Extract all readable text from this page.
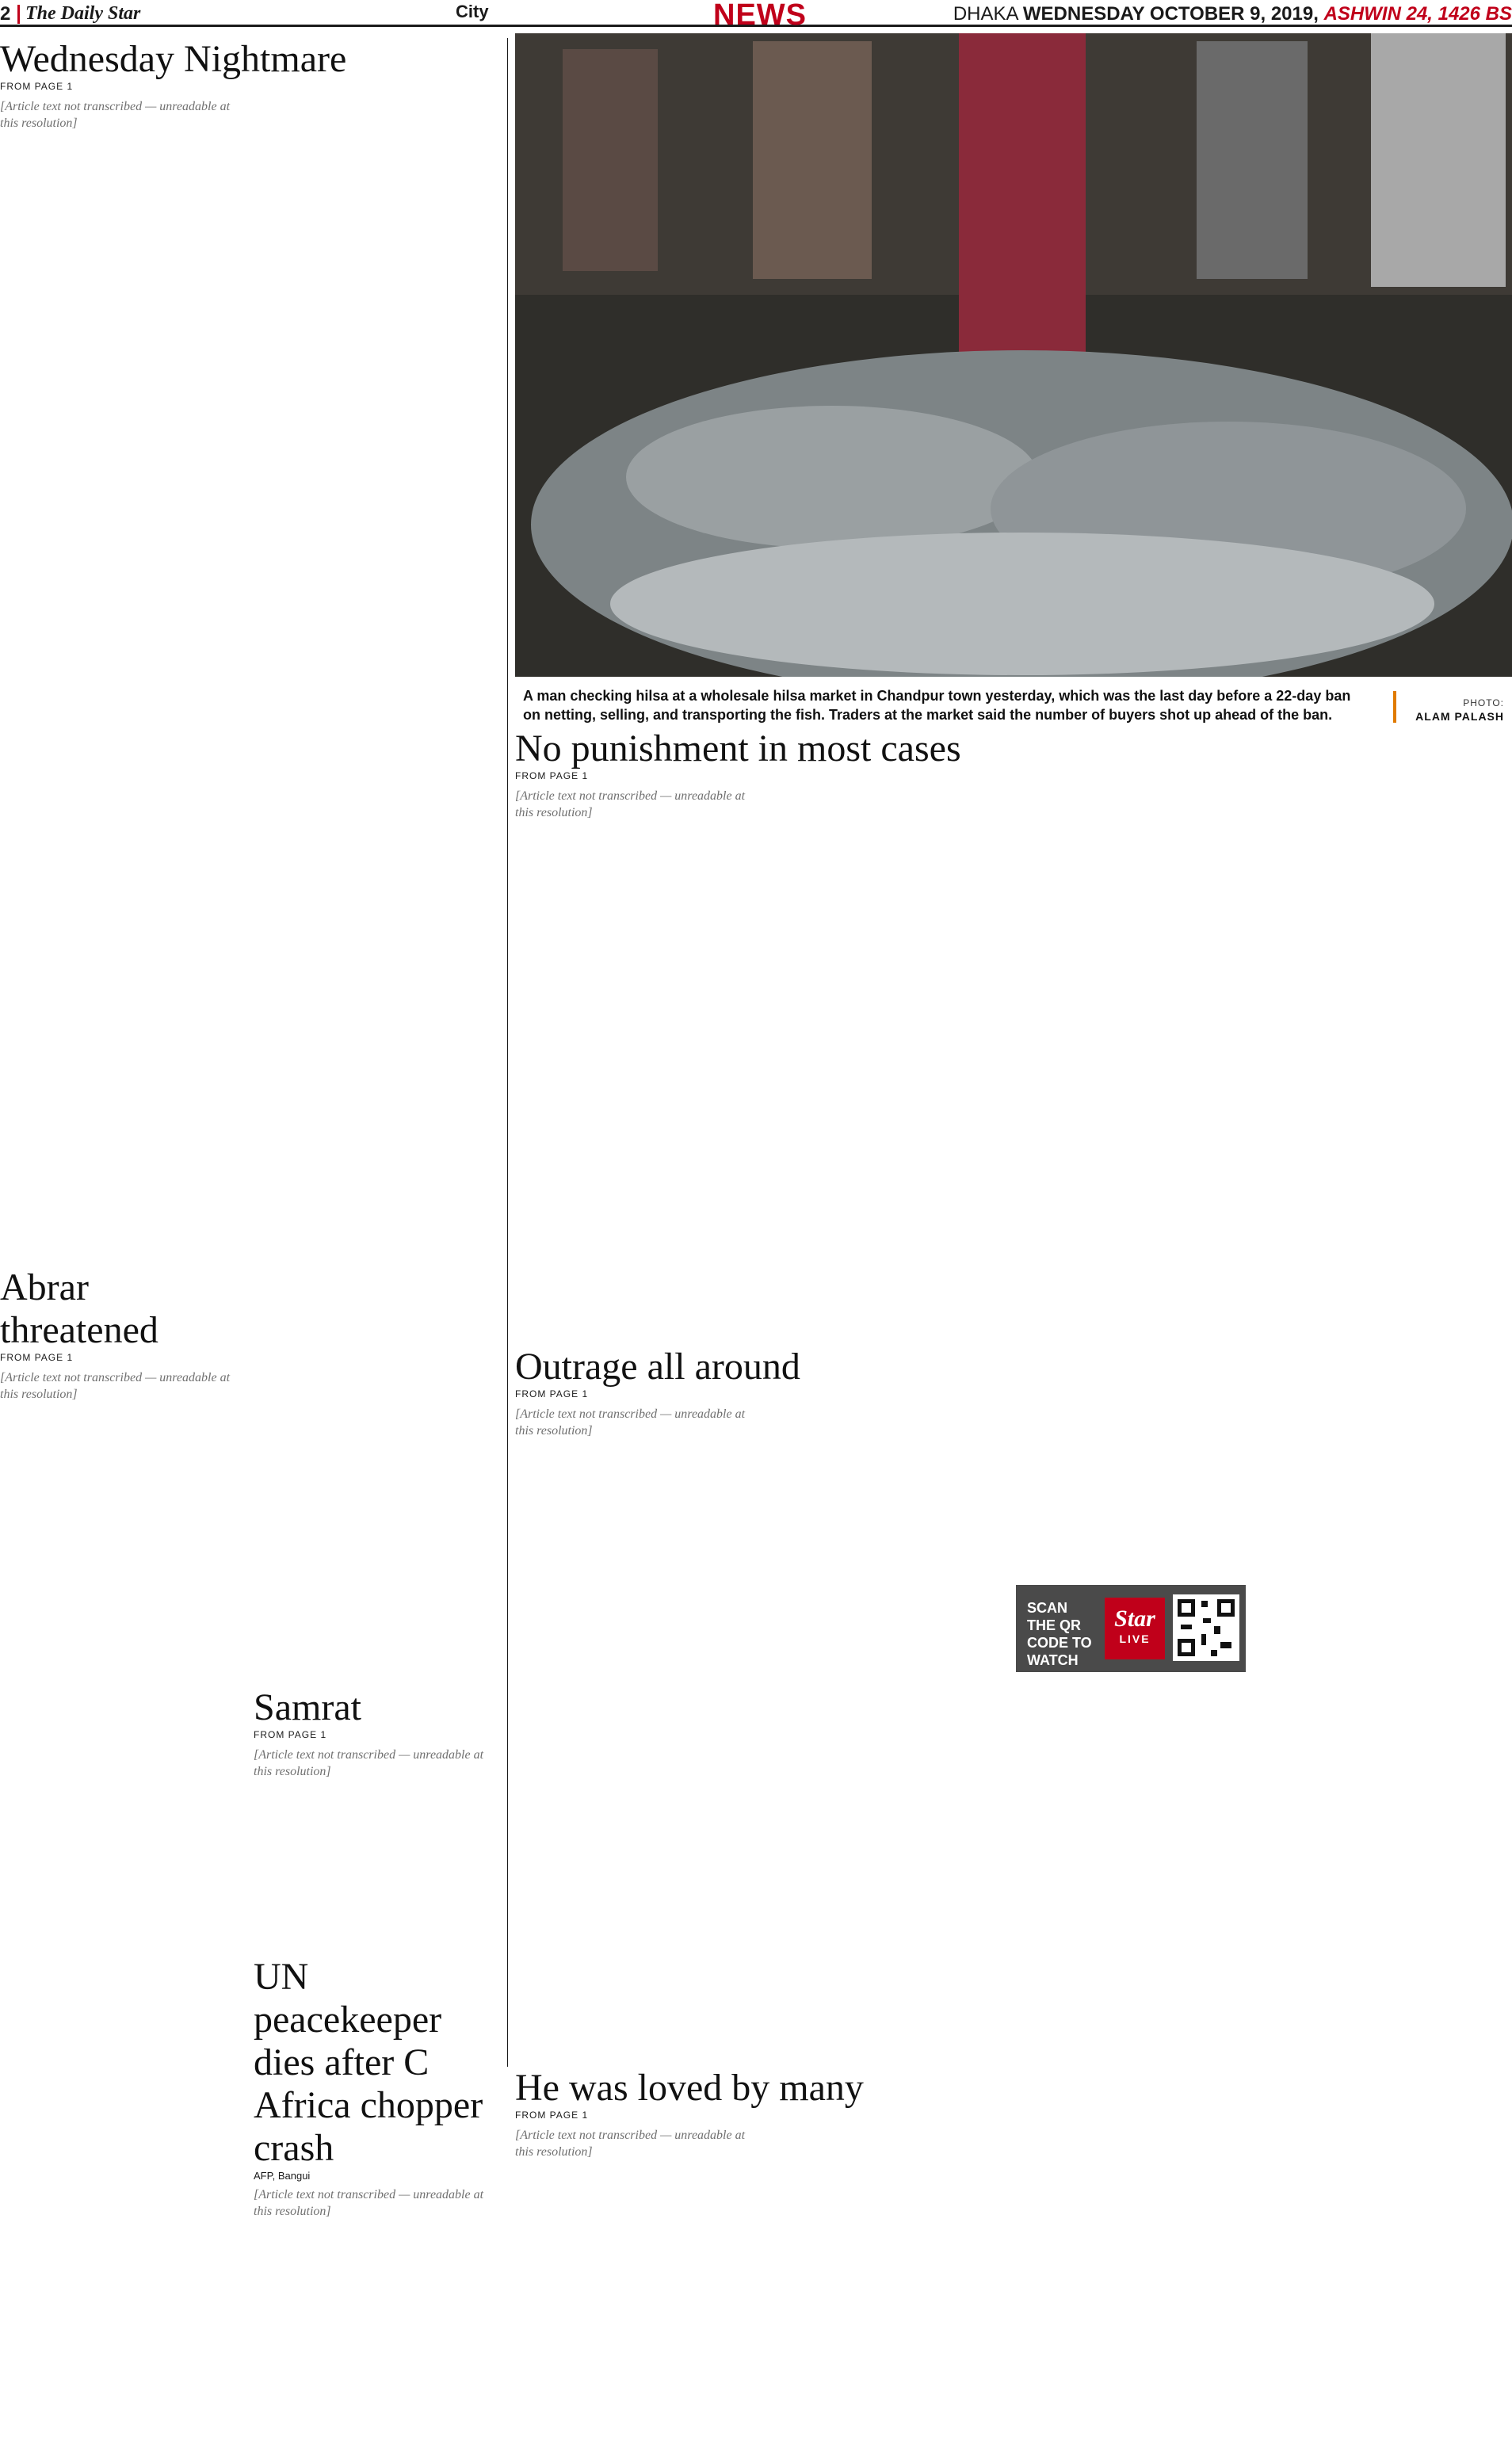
2 The Daily Star	City	NEWS	DHAKA WEDNESDAY OCTOBER 9, 2019, ASHWIN 24, 1426 BS
Wednesday Nightmare

FROM PAGE 1

[Article text not transcribed — unreadable at this resolution]

A man checking hilsa at a wholesale hilsa market in Chandpur town yesterday, which was the last day before a 22-day ban on netting, selling, and transporting the fish. Traders at the market said the number of buyers shot up ahead of the ban.
PHOTO:
ALAM PALASH
No punishment in most cases

FROM PAGE 1

[Article text not transcribed — unreadable at this resolution]

Abrar threatened

FROM PAGE 1

[Article text not transcribed — unreadable at this resolution]

Samrat

FROM PAGE 1

[Article text not transcribed — unreadable at this resolution]

UN peacekeeper dies after C Africa chopper crash

AFP, Bangui

[Article text not transcribed — unreadable at this resolution]

Outrage all around

FROM PAGE 1

[Article text not transcribed — unreadable at this resolution]

SCAN THE QR CODE TO WATCH VIDEO
Star
LIVE
He was loved by many

FROM PAGE 1

[Article text not transcribed — unreadable at this resolution]
